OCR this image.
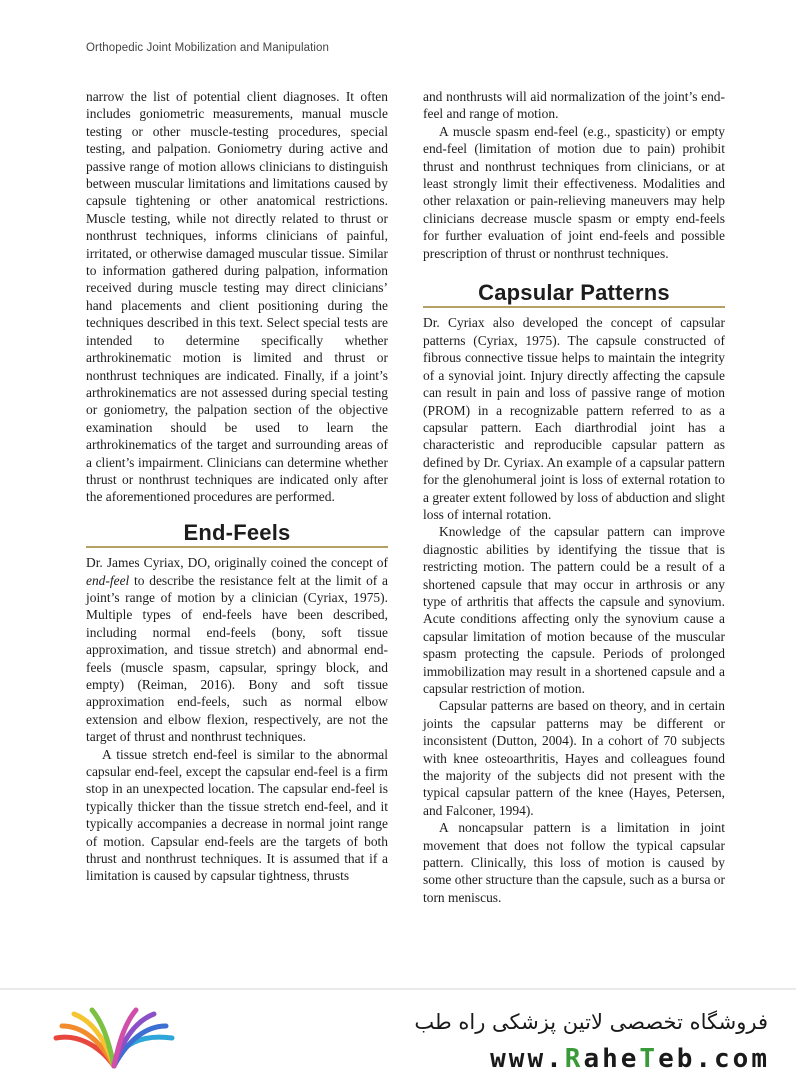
Orthopedic Joint Mobilization and Manipulation

narrow the list of potential client diagnoses. It often includes goniometric measurements, manual muscle testing or other muscle-testing procedures, special testing, and palpation. Goniometry during active and passive range of motion allows clinicians to distinguish between muscular limitations and limitations caused by capsule tightening or other anatomical restrictions. Muscle testing, while not directly related to thrust or nonthrust techniques, informs clinicians of painful, irritated, or otherwise damaged muscular tissue. Similar to information gathered during palpation, information received during muscle testing may direct clinicians’ hand placements and client positioning during the techniques described in this text. Select special tests are intended to determine specifically whether arthrokinematic motion is limited and thrust or nonthrust techniques are indicated. Finally, if a joint’s arthrokinematics are not assessed during special testing or goniometry, the palpation section of the objective examination should be used to learn the arthrokinematics of the target and surrounding areas of a client’s impairment. Clinicians can determine whether thrust or nonthrust techniques are indicated only after the aforementioned procedures are performed.

End-Feels

Dr. James Cyriax, DO, originally coined the concept of end-feel to describe the resistance felt at the limit of a joint’s range of motion by a clinician (Cyriax, 1975). Multiple types of end-feels have been described, including normal end-feels (bony, soft tissue approximation, and tissue stretch) and abnormal end-feels (muscle spasm, capsular, springy block, and empty) (Reiman, 2016). Bony and soft tissue approximation end-feels, such as normal elbow extension and elbow flexion, respectively, are not the target of thrust and nonthrust techniques.

A tissue stretch end-feel is similar to the abnormal capsular end-feel, except the capsular end-feel is a firm stop in an unexpected location. The capsular end-feel is typically thicker than the tissue stretch end-feel, and it typically accompanies a decrease in normal joint range of motion. Capsular end-feels are the targets of both thrust and nonthrust techniques. It is assumed that if a limitation is caused by capsular tightness, thrusts

and nonthrusts will aid normalization of the joint’s end-feel and range of motion.

A muscle spasm end-feel (e.g., spasticity) or empty end-feel (limitation of motion due to pain) prohibit thrust and nonthrust techniques from clinicians, or at least strongly limit their effectiveness. Modalities and other relaxation or pain-relieving maneuvers may help clinicians decrease muscle spasm or empty end-feels for further evaluation of joint end-feels and possible prescription of thrust or nonthrust techniques.

Capsular Patterns

Dr. Cyriax also developed the concept of capsular patterns (Cyriax, 1975). The capsule constructed of fibrous connective tissue helps to maintain the integrity of a synovial joint. Injury directly affecting the capsule can result in pain and loss of passive range of motion (PROM) in a recognizable pattern referred to as a capsular pattern. Each diarthrodial joint has a characteristic and reproducible capsular pattern as defined by Dr. Cyriax. An example of a capsular pattern for the glenohumeral joint is loss of external rotation to a greater extent followed by loss of abduction and slight loss of internal rotation.

Knowledge of the capsular pattern can improve diagnostic abilities by identifying the tissue that is restricting motion. The pattern could be a result of a shortened capsule that may occur in arthrosis or any type of arthritis that affects the capsule and synovium. Acute conditions affecting only the synovium cause a capsular limitation of motion because of the muscular spasm protecting the capsule. Periods of prolonged immobilization may result in a shortened capsule and a capsular restriction of motion.

Capsular patterns are based on theory, and in certain joints the capsular patterns may be different or inconsistent (Dutton, 2004). In a cohort of 70 subjects with knee osteoarthritis, Hayes and colleagues found the majority of the subjects did not present with the typical capsular pattern of the knee (Hayes, Petersen, and Falconer, 1994).

A noncapsular pattern is a limitation in joint movement that does not follow the typical capsular pattern. Clinically, this loss of motion is caused by some other structure than the capsule, such as a bursa or torn meniscus.

فروشگاه تخصصی لاتین پزشکی راه طب
www.RaheTeb.com
